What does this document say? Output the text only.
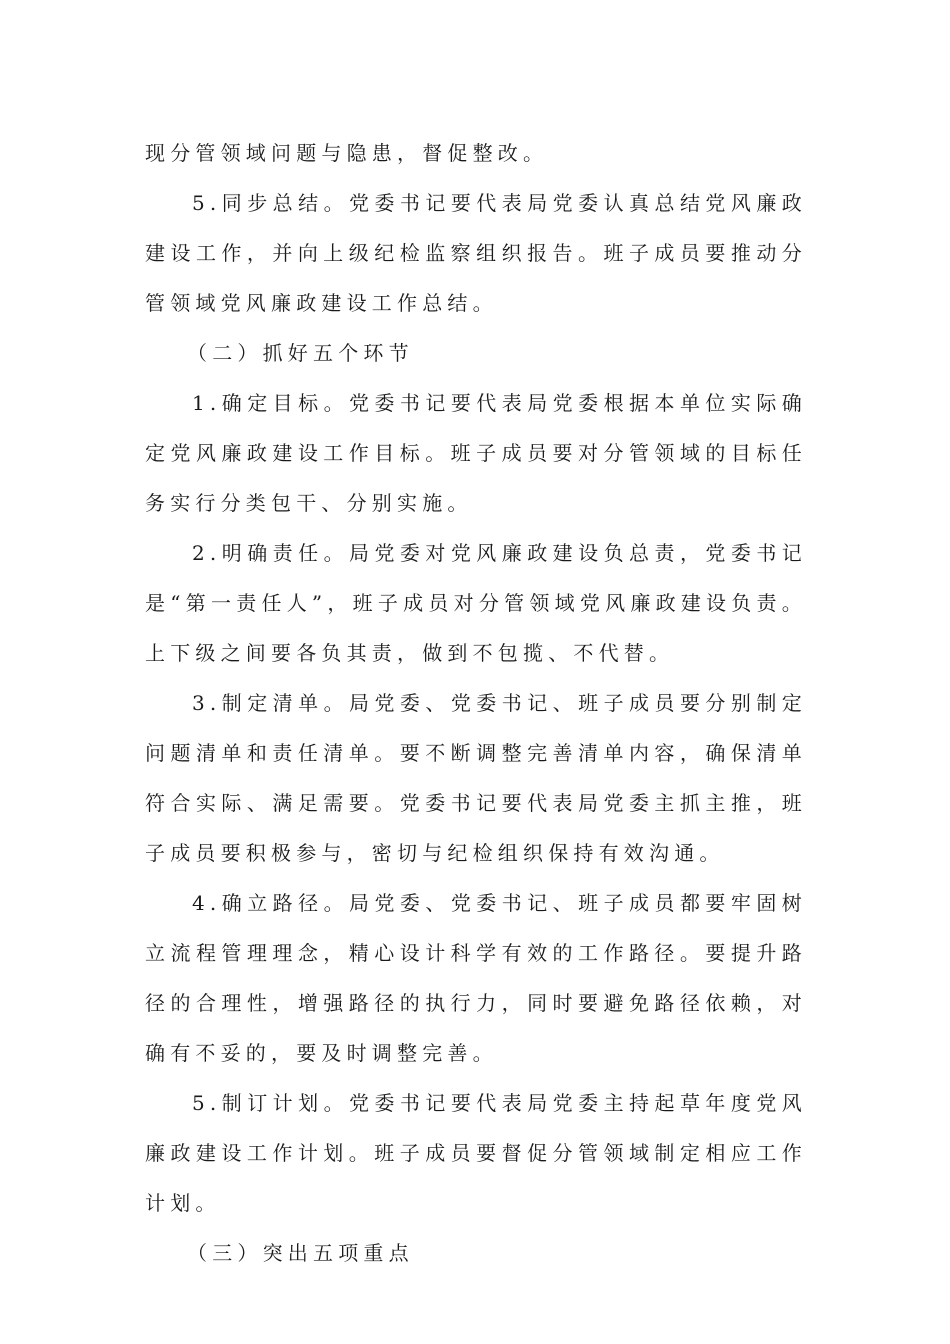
现分管领域问题与隐患，督促整改。

5.同步总结。党委书记要代表局党委认真总结党风廉政建设工作，并向上级纪检监察组织报告。班子成员要推动分管领域党风廉政建设工作总结。

（二）抓好五个环节

1.确定目标。党委书记要代表局党委根据本单位实际确定党风廉政建设工作目标。班子成员要对分管领域的目标任务实行分类包干、分别实施。

2.明确责任。局党委对党风廉政建设负总责，党委书记是“第一责任人”，班子成员对分管领域党风廉政建设负责。上下级之间要各负其责，做到不包揽、不代替。

3.制定清单。局党委、党委书记、班子成员要分别制定问题清单和责任清单。要不断调整完善清单内容，确保清单符合实际、满足需要。党委书记要代表局党委主抓主推，班子成员要积极参与，密切与纪检组织保持有效沟通。

4.确立路径。局党委、党委书记、班子成员都要牢固树立流程管理理念，精心设计科学有效的工作路径。要提升路径的合理性，增强路径的执行力，同时要避免路径依赖，对确有不妥的，要及时调整完善。

5.制订计划。党委书记要代表局党委主持起草年度党风廉政建设工作计划。班子成员要督促分管领域制定相应工作计划。

（三）突出五项重点
